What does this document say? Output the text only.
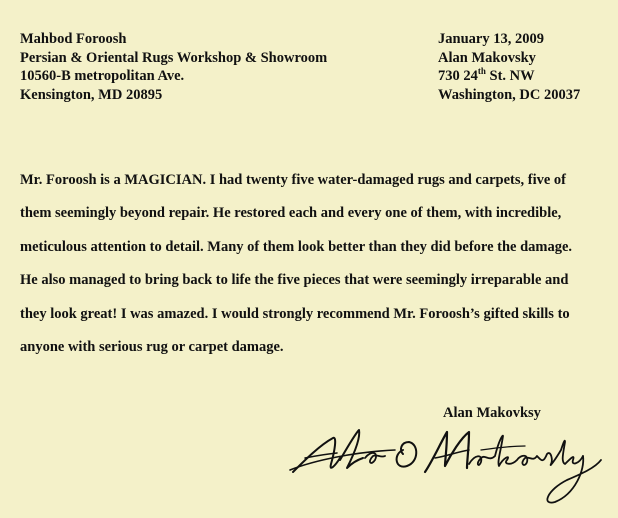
Mahbod Foroosh
Persian & Oriental Rugs Workshop & Showroom
10560-B metropolitan Ave.
Kensington, MD 20895
January 13, 2009
Alan Makovsky
730 24th St. NW
Washington, DC 20037
Mr. Foroosh is a MAGICIAN. I had twenty five water-damaged rugs and carpets, five of
them seemingly beyond repair. He restored each and every one of them, with incredible,
meticulous attention to detail. Many of them look better than they did before the damage.
He also managed to bring back to life the five pieces that were seemingly irreparable and
they look great! I was amazed. I would strongly recommend Mr. Foroosh’s gifted skills to
anyone with serious rug or carpet damage.
Alan Makovksy
